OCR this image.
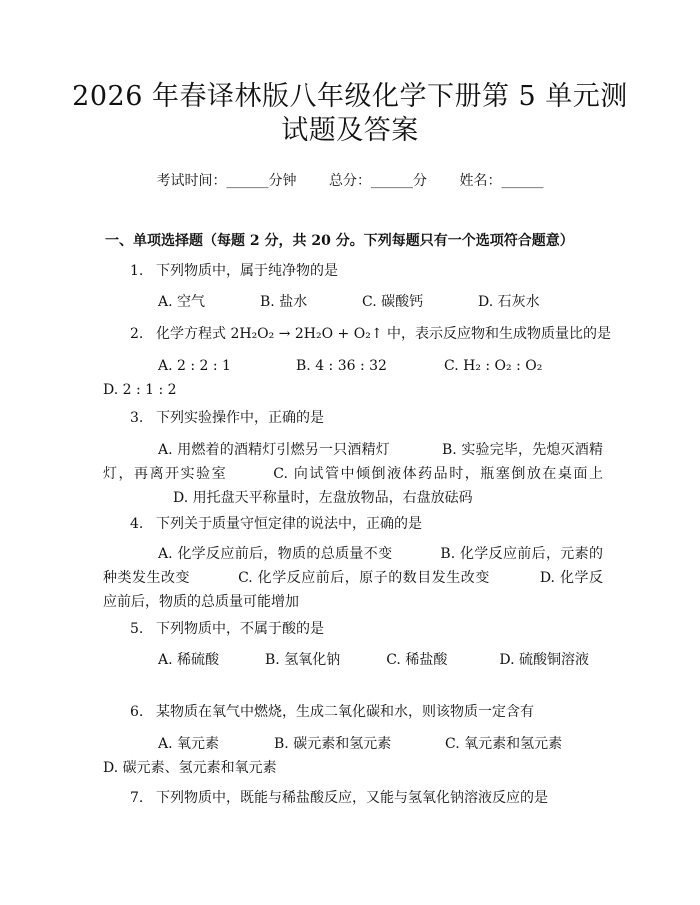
2026 年春译林版八年级化学下册第 5 单元测
试题及答案
考试时间：______分钟 总分：______分 姓名：______
一、单项选择题（每题 2 分，共 20 分。下列每题只有一个选项符合题意）
1. 下列物质中，属于纯净物的是
A. 空气	B. 盐水	C. 碳酸钙	D. 石灰水
2. 化学方程式 2H₂O₂ → 2H₂O + O₂↑ 中，表示反应物和生成物质量比的是
A. 2 : 2 : 1	B. 4 : 36 : 32	C. H₂ : O₂ : O₂
D. 2 : 1 : 2
3. 下列实验操作中，正确的是
A. 用燃着的酒精灯引燃另一只酒精灯	B. 实验完毕，先熄灭酒精灯，再离开实验室	C. 向试管中倾倒液体药品时，瓶塞倒放在桌面上D. 用托盘天平称量时，左盘放物品，右盘放砝码
4. 下列关于质量守恒定律的说法中，正确的是
A. 化学反应前后，物质的总质量不变	B. 化学反应前后，元素的种类发生改变	C. 化学反应前后，原子的数目发生改变	D. 化学反应前后，物质的总质量可能增加
5. 下列物质中，不属于酸的是
A. 稀硫酸	B. 氢氧化钠	C. 稀盐酸	D. 硫酸铜溶液
6. 某物质在氧气中燃烧，生成二氧化碳和水，则该物质一定含有
A. 氧元素	B. 碳元素和氢元素	C. 氧元素和氢元素
D. 碳元素、氢元素和氧元素
7. 下列物质中，既能与稀盐酸反应，又能与氢氧化钠溶液反应的是
